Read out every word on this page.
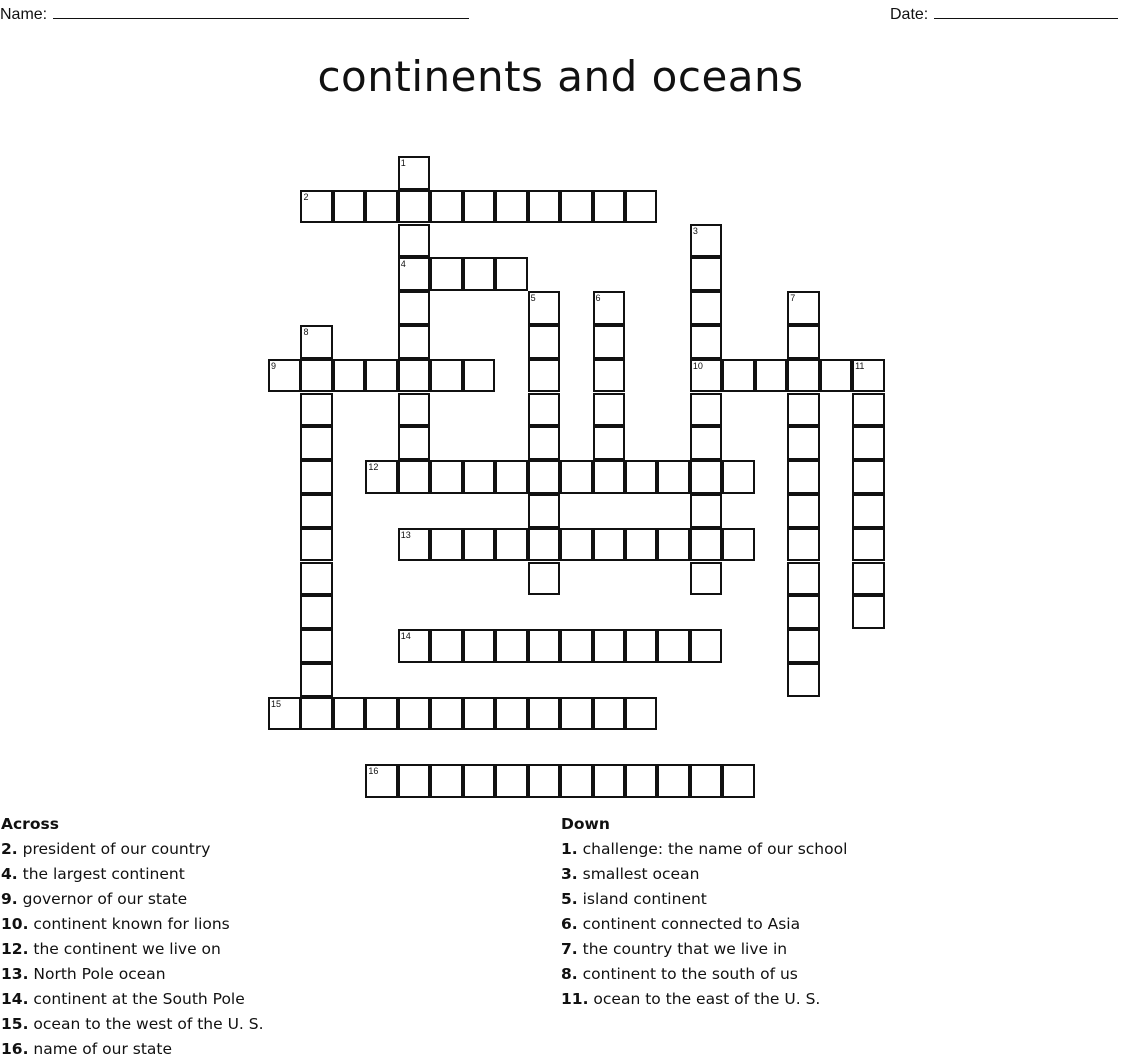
Name:	Date:
continents and oceans
1
4
2
3
10
5	6	7
8
9	11
12
13
14
15
16
Across
2. president of our country
4. the largest continent
9. governor of our state
10. continent known for lions
12. the continent we live on
13. North Pole ocean
14. continent at the South Pole
15. ocean to the west of the U. S.
16. name of our state
Down
1. challenge: the name of our school
3. smallest ocean
5. island continent
6. continent connected to Asia
7. the country that we live in
8. continent to the south of us
11. ocean to the east of the U. S.
